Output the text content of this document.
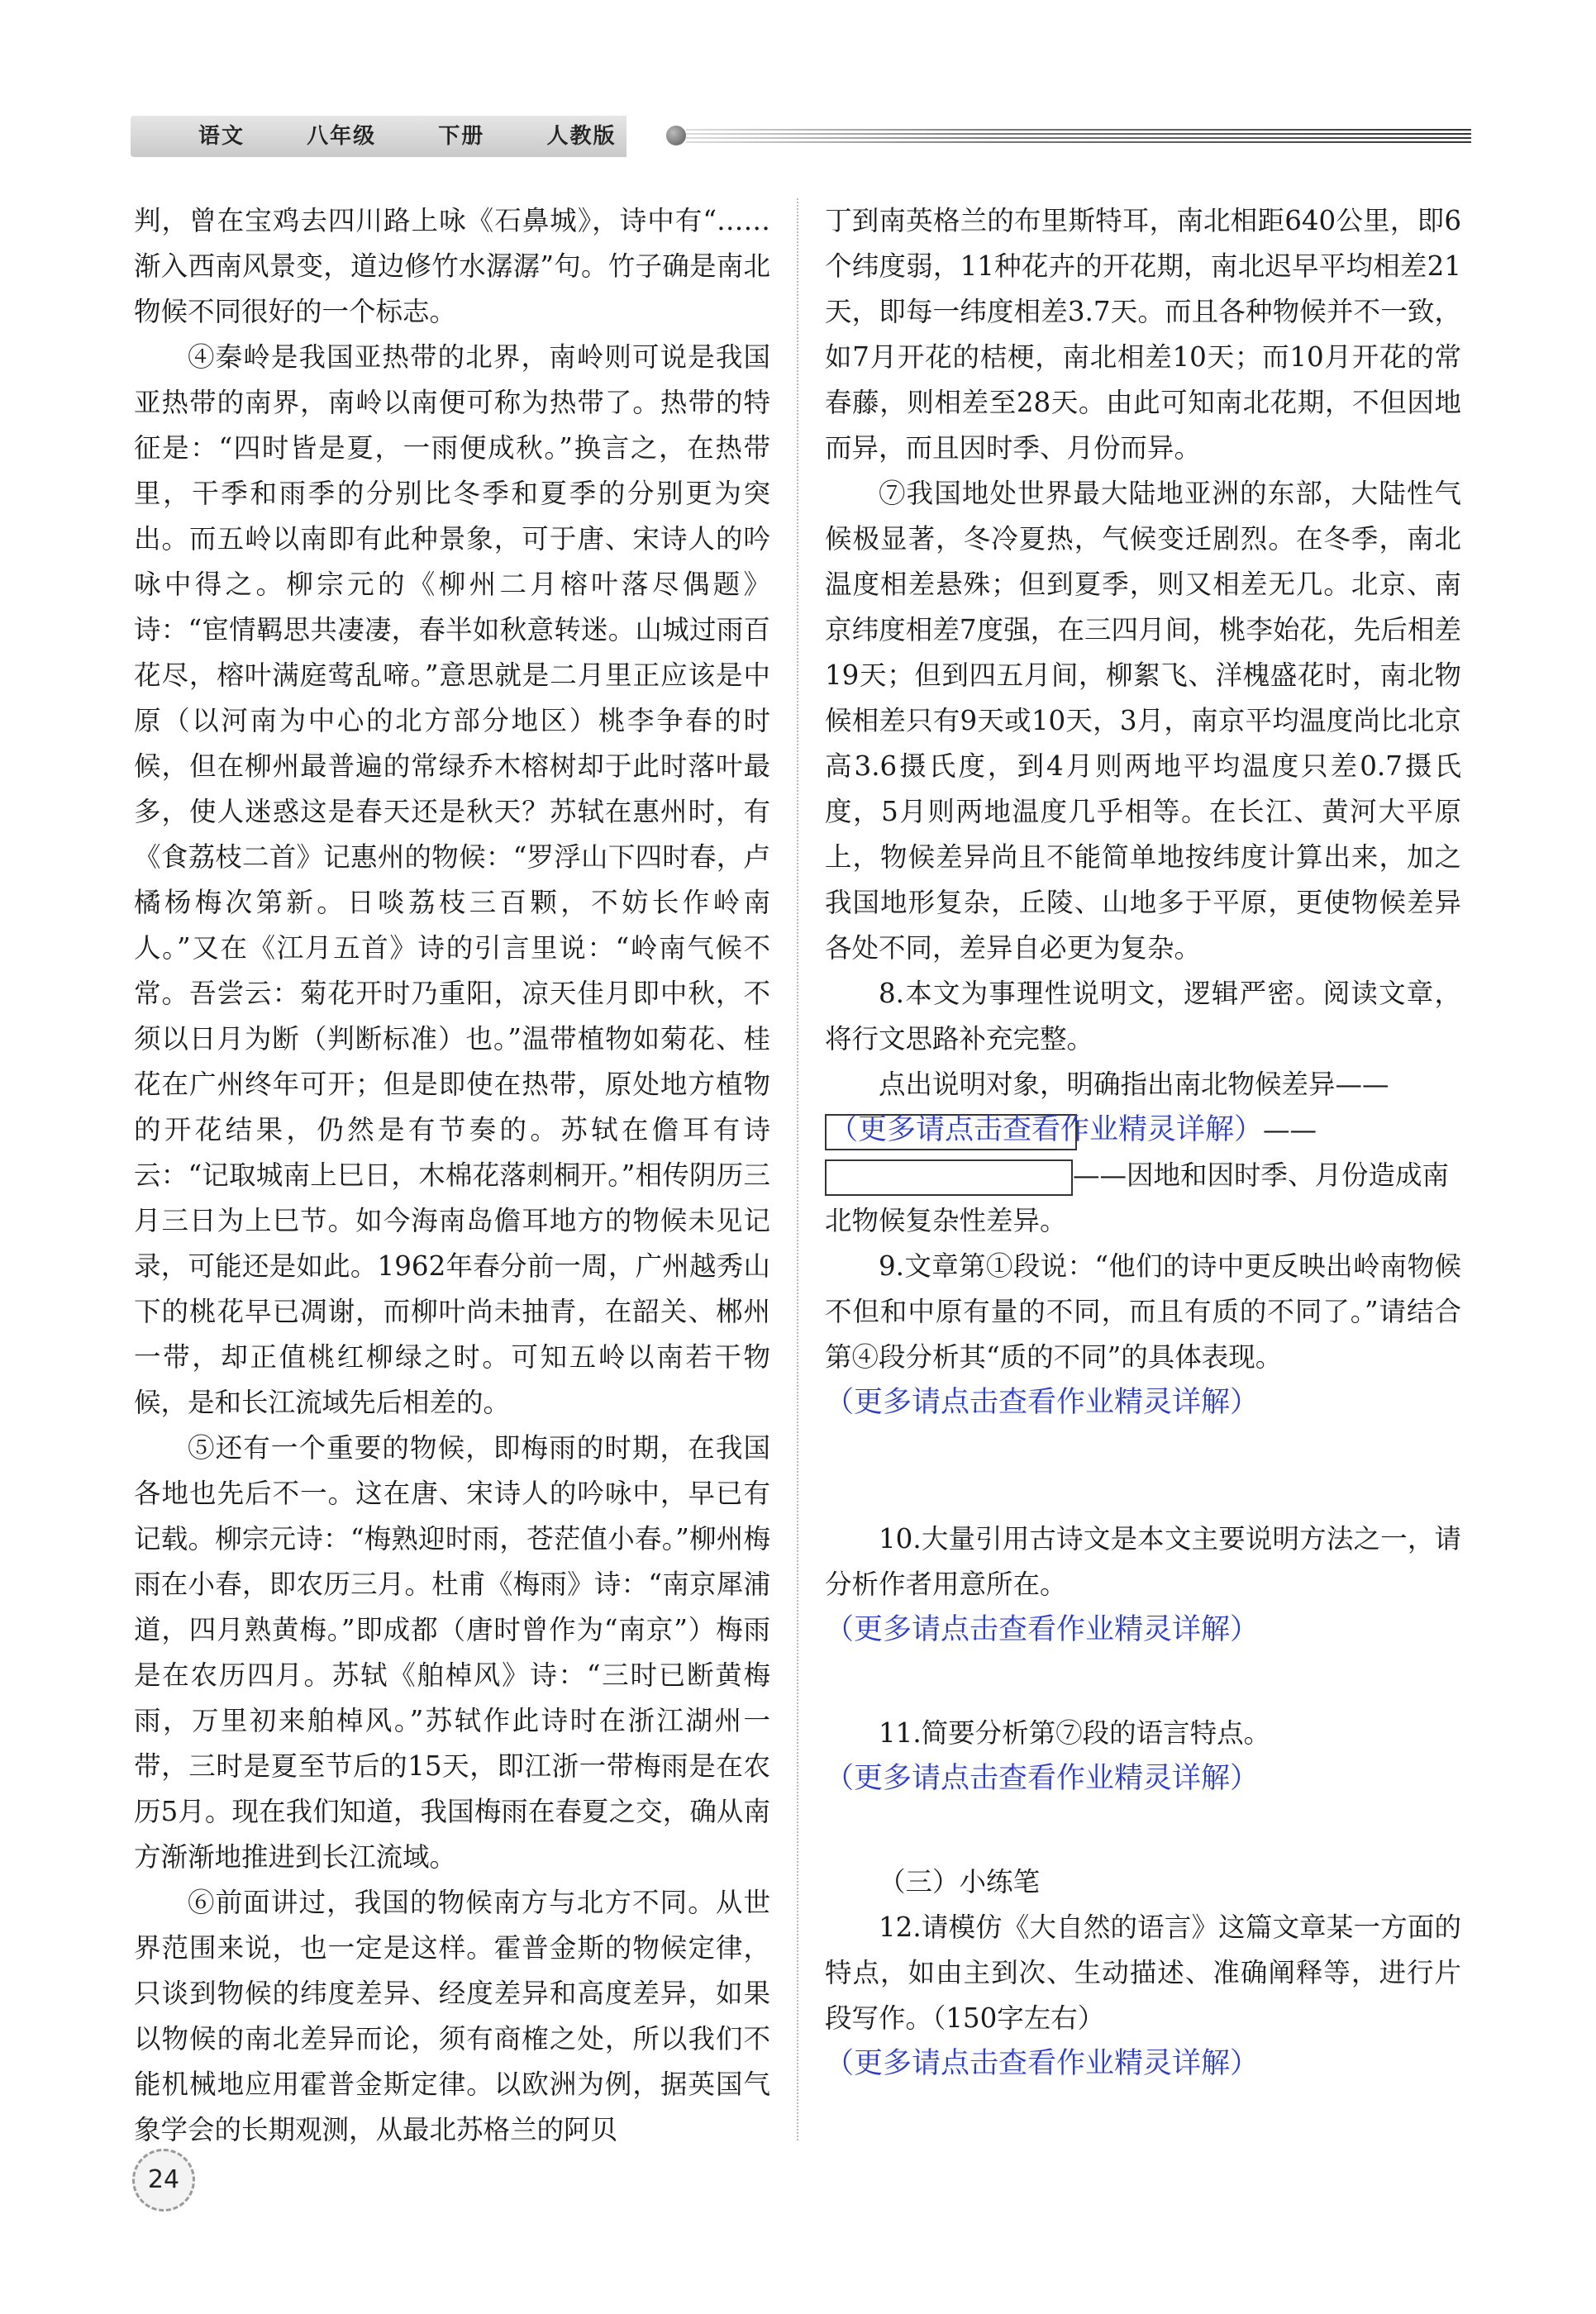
语文   八年级   下册   人教版

判，曾在宝鸡去四川路上咏《石鼻城》，诗中有“……渐入西南风景变，道边修竹水潺潺”句。竹子确是南北物候不同很好的一个标志。

④秦岭是我国亚热带的北界，南岭则可说是我国亚热带的南界，南岭以南便可称为热带了。热带的特征是：“四时皆是夏，一雨便成秋。”换言之，在热带里，干季和雨季的分别比冬季和夏季的分别更为突出。而五岭以南即有此种景象，可于唐、宋诗人的吟咏中得之。柳宗元的《柳州二月榕叶落尽偶题》诗：“宦情羁思共凄凄，春半如秋意转迷。山城过雨百花尽，榕叶满庭莺乱啼。”意思就是二月里正应该是中原（以河南为中心的北方部分地区）桃李争春的时候，但在柳州最普遍的常绿乔木榕树却于此时落叶最多，使人迷惑这是春天还是秋天？苏轼在惠州时，有《食荔枝二首》记惠州的物候：“罗浮山下四时春，卢橘杨梅次第新。日啖荔枝三百颗，不妨长作岭南人。”又在《江月五首》诗的引言里说：“岭南气候不常。吾尝云：菊花开时乃重阳，凉天佳月即中秋，不须以日月为断（判断标准）也。”温带植物如菊花、桂花在广州终年可开；但是即使在热带，原处地方植物的开花结果，仍然是有节奏的。苏轼在儋耳有诗云：“记取城南上巳日，木棉花落刺桐开。”相传阴历三月三日为上巳节。如今海南岛儋耳地方的物候未见记录，可能还是如此。1962年春分前一周，广州越秀山下的桃花早已凋谢，而柳叶尚未抽青，在韶关、郴州一带，却正值桃红柳绿之时。可知五岭以南若干物候，是和长江流域先后相差的。

⑤还有一个重要的物候，即梅雨的时期，在我国各地也先后不一。这在唐、宋诗人的吟咏中，早已有记载。柳宗元诗：“梅熟迎时雨，苍茫值小春。”柳州梅雨在小春，即农历三月。杜甫《梅雨》诗：“南京犀浦道，四月熟黄梅。”即成都（唐时曾作为“南京”）梅雨是在农历四月。苏轼《舶棹风》诗：“三时已断黄梅雨，万里初来舶棹风。”苏轼作此诗时在浙江湖州一带，三时是夏至节后的15天，即江浙一带梅雨是在农历5月。现在我们知道，我国梅雨在春夏之交，确从南方渐渐地推进到长江流域。

⑥前面讲过，我国的物候南方与北方不同。从世界范围来说，也一定是这样。霍普金斯的物候定律，只谈到物候的纬度差异、经度差异和高度差异，如果以物候的南北差异而论，须有商榷之处，所以我们不能机械地应用霍普金斯定律。以欧洲为例，据英国气象学会的长期观测，从最北苏格兰的阿贝

丁到南英格兰的布里斯特耳，南北相距640公里，即6个纬度弱，11种花卉的开花期，南北迟早平均相差21天，即每一纬度相差3.7天。而且各种物候并不一致，如7月开花的桔梗，南北相差10天；而10月开花的常春藤，则相差至28天。由此可知南北花期，不但因地而异，而且因时季、月份而异。

⑦我国地处世界最大陆地亚洲的东部，大陆性气候极显著，冬冷夏热，气候变迁剧烈。在冬季，南北温度相差悬殊；但到夏季，则又相差无几。北京、南京纬度相差7度强，在三四月间，桃李始花，先后相差19天；但到四五月间，柳絮飞、洋槐盛花时，南北物候相差只有9天或10天，3月，南京平均温度尚比北京高3.6摄氏度，到4月则两地平均温度只差0.7摄氏度，5月则两地温度几乎相等。在长江、黄河大平原上，物候差异尚且不能简单地按纬度计算出来，加之我国地形复杂，丘陵、山地多于平原，更使物候差异各处不同，差异自必更为复杂。

8.本文为事理性说明文，逻辑严密。阅读文章，将行文思路补充完整。

点出说明对象，明确指出南北物候差异——

（更多请点击查看作业精灵详解）——

——因地和因时季、月份造成南北物候复杂性差异。

9.文章第①段说：“他们的诗中更反映出岭南物候不但和中原有量的不同，而且有质的不同了。”请结合第④段分析其“质的不同”的具体表现。

（更多请点击查看作业精灵详解）

10.大量引用古诗文是本文主要说明方法之一，请分析作者用意所在。

（更多请点击查看作业精灵详解）

11.简要分析第⑦段的语言特点。

（更多请点击查看作业精灵详解）

（三）小练笔

12.请模仿《大自然的语言》这篇文章某一方面的特点，如由主到次、生动描述、准确阐释等，进行片段写作。（150字左右）

（更多请点击查看作业精灵详解）

24
